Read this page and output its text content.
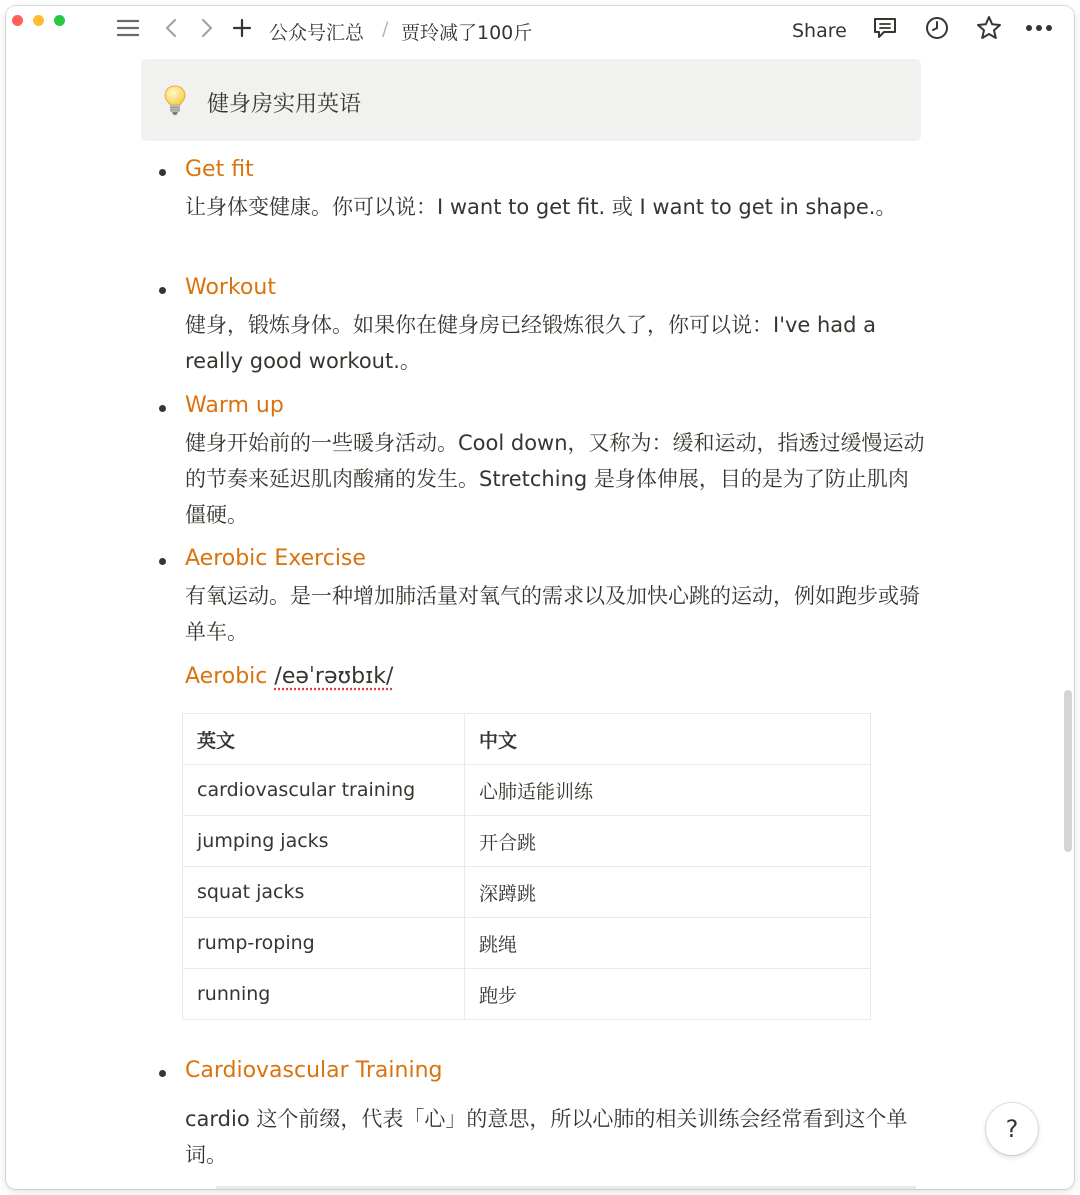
公众号汇总 / 贾玲减了100斤	Share
健身房实用英语
Get fit
让身体变健康。你可以说：I want to get fit. 或 I want to get in shape.。
Workout
健身，锻炼身体。如果你在健身房已经锻炼很久了，你可以说：I've had a really good workout.。
Warm up
健身开始前的一些暖身活动。Cool down，又称为：缓和运动，指透过缓慢运动的节奏来延迟肌肉酸痛的发生。Stretching 是身体伸展，目的是为了防止肌肉僵硬。
Aerobic Exercise
有氧运动。是一种增加肺活量对氧气的需求以及加快心跳的运动，例如跑步或骑单车。
Aerobic /eəˈrəʊbɪk/
英文	中文
cardiovascular training	心肺适能训练
jumping jacks	开合跳
squat jacks	深蹲跳
rump-roping	跳绳
running	跑步
Cardiovascular Training
cardio 这个前缀，代表「心」的意思，所以心肺的相关训练会经常看到这个单词。
?
